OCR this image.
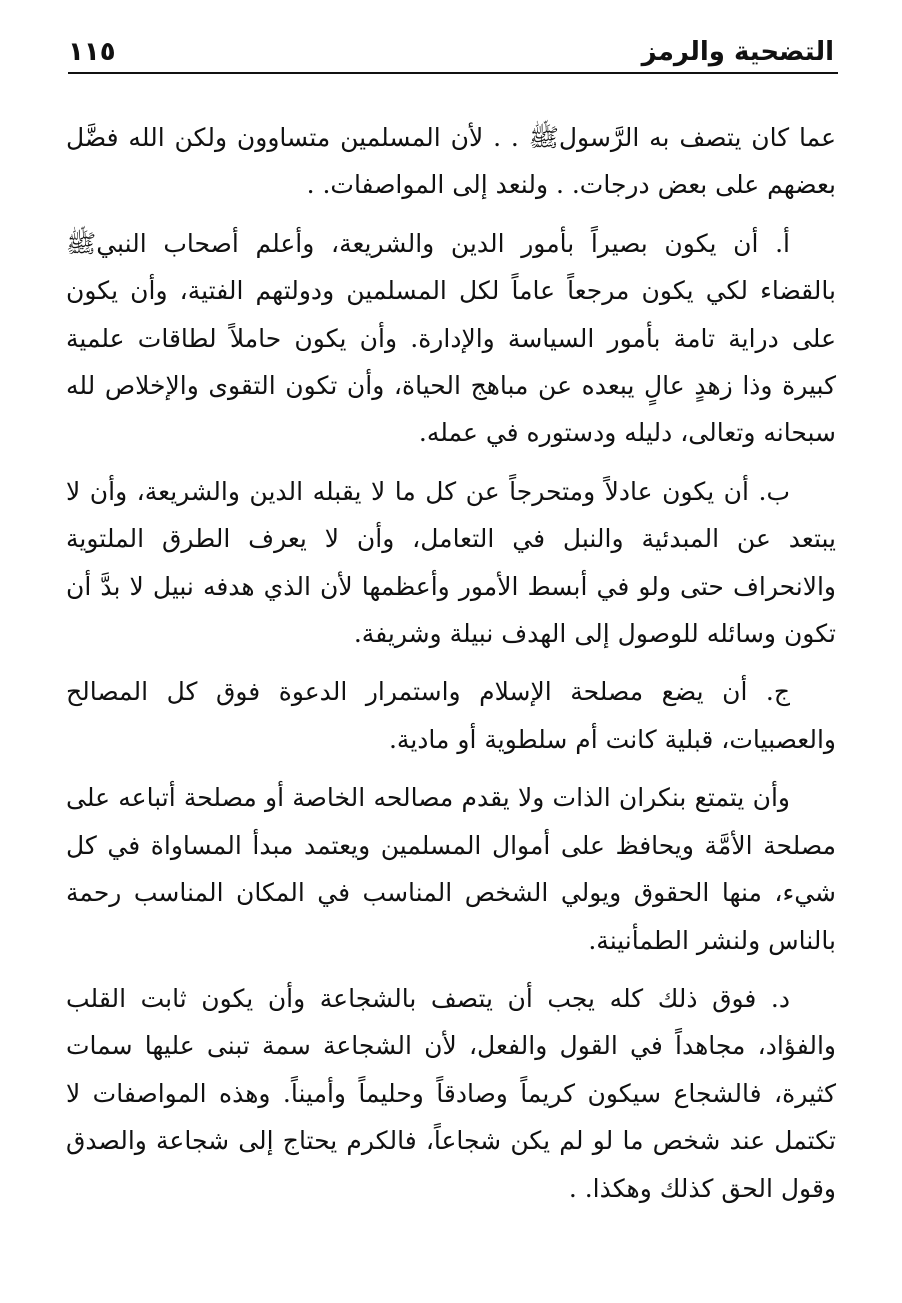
التضحية والرمز
١١٥

عما كان يتصف به الرَّسولﷺ . . لأن المسلمين متساوون ولكن الله فضَّل بعضهم على بعض درجات. . ولنعد إلى المواصفات. .

أ. أن يكون بصيراً بأمور الدين والشريعة، وأعلم أصحاب النبيﷺ بالقضاء لكي يكون مرجعاً عاماً لكل المسلمين ودولتهم الفتية، وأن يكون على دراية تامة بأمور السياسة والإدارة. وأن يكون حاملاً لطاقات علمية كبيرة وذا زهدٍ عالٍ يبعده عن مباهج الحياة، وأن تكون التقوى والإخلاص لله سبحانه وتعالى، دليله ودستوره في عمله.

ب. أن يكون عادلاً ومتحرجاً عن كل ما لا يقبله الدين والشريعة، وأن لا يبتعد عن المبدئية والنبل في التعامل، وأن لا يعرف الطرق الملتوية والانحراف حتى ولو في أبسط الأمور وأعظمها لأن الذي هدفه نبيل لا بدَّ أن تكون وسائله للوصول إلى الهدف نبيلة وشريفة.

ج. أن يضع مصلحة الإسلام واستمرار الدعوة فوق كل المصالح والعصبيات، قبلية كانت أم سلطوية أو مادية.

وأن يتمتع بنكران الذات ولا يقدم مصالحه الخاصة أو مصلحة أتباعه على مصلحة الأمَّة ويحافظ على أموال المسلمين ويعتمد مبدأ المساواة في كل شيء، منها الحقوق ويولي الشخص المناسب في المكان المناسب رحمة بالناس ولنشر الطمأنينة.

د. فوق ذلك كله يجب أن يتصف بالشجاعة وأن يكون ثابت القلب والفؤاد، مجاهداً في القول والفعل، لأن الشجاعة سمة تبنى عليها سمات كثيرة، فالشجاع سيكون كريماً وصادقاً وحليماً وأميناً. وهذه المواصفات لا تكتمل عند شخص ما لو لم يكن شجاعاً، فالكرم يحتاج إلى شجاعة والصدق وقول الحق كذلك وهكذا. .
